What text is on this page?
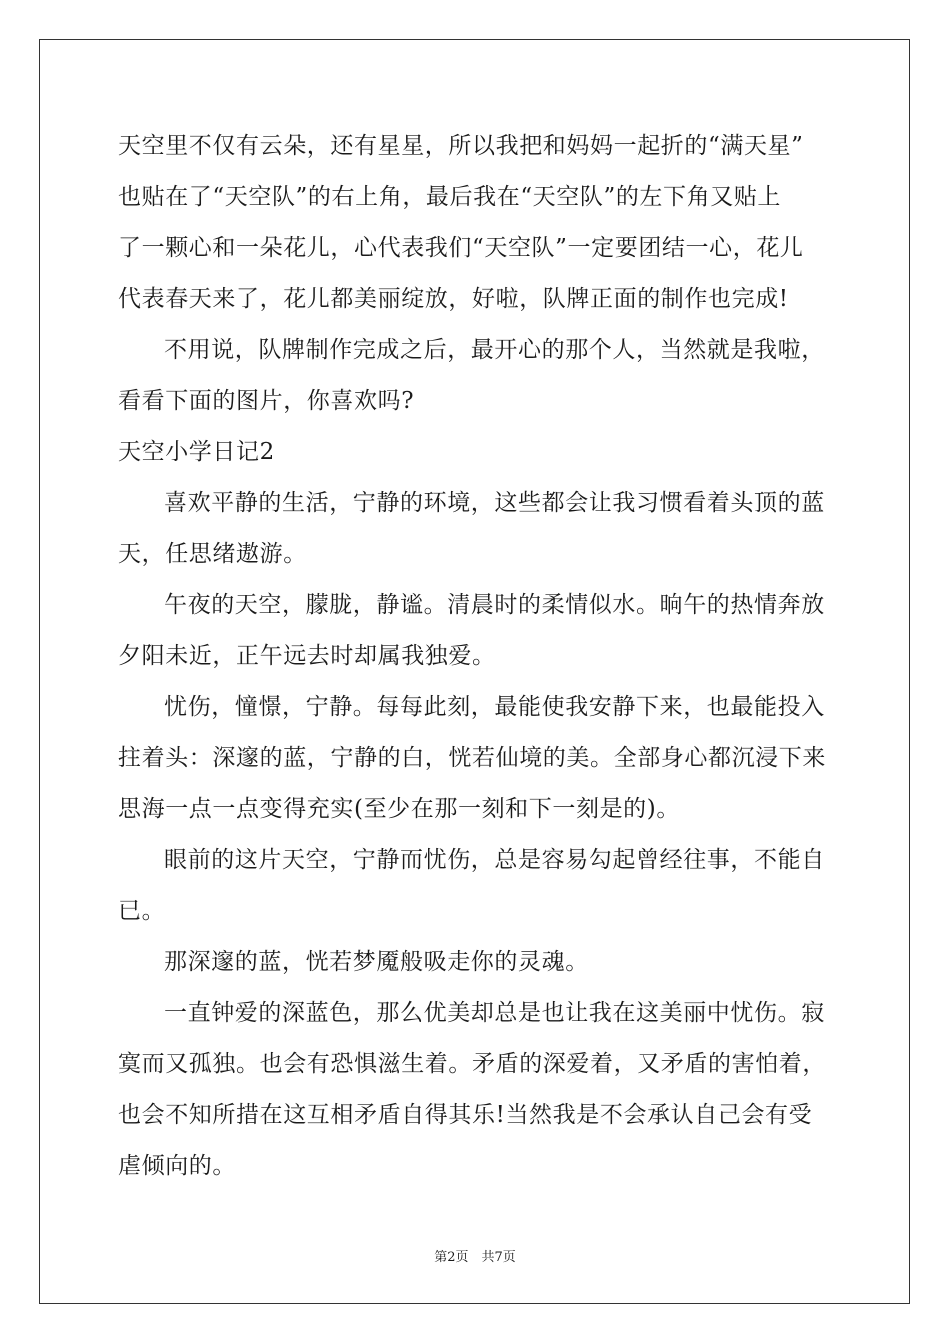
天空里不仅有云朵，还有星星，所以我把和妈妈一起折的“满天星”
也贴在了“天空队”的右上角，最后我在“天空队”的左下角又贴上
了一颗心和一朵花儿，心代表我们“天空队”一定要团结一心，花儿
代表春天来了，花儿都美丽绽放，好啦，队牌正面的制作也完成!
不用说，队牌制作完成之后，最开心的那个人，当然就是我啦，
看看下面的图片，你喜欢吗?
天空小学日记2
喜欢平静的生活，宁静的环境，这些都会让我习惯看着头顶的蓝
天，任思绪遨游。
午夜的天空，朦胧，静谧。清晨时的柔情似水。晌午的热情奔放
夕阳未近，正午远去时却属我独爱。
忧伤，憧憬，宁静。每每此刻，最能使我安静下来，也最能投入
拄着头：深邃的蓝，宁静的白，恍若仙境的美。全部身心都沉浸下来
思海一点一点变得充实(至少在那一刻和下一刻是的)。
眼前的这片天空，宁静而忧伤，总是容易勾起曾经往事，不能自
已。
那深邃的蓝，恍若梦魇般吸走你的灵魂。
一直钟爱的深蓝色，那么优美却总是也让我在这美丽中忧伤。寂
寞而又孤独。也会有恐惧滋生着。矛盾的深爱着，又矛盾的害怕着，
也会不知所措在这互相矛盾自得其乐!当然我是不会承认自己会有受
虐倾向的。
第2页　共7页
